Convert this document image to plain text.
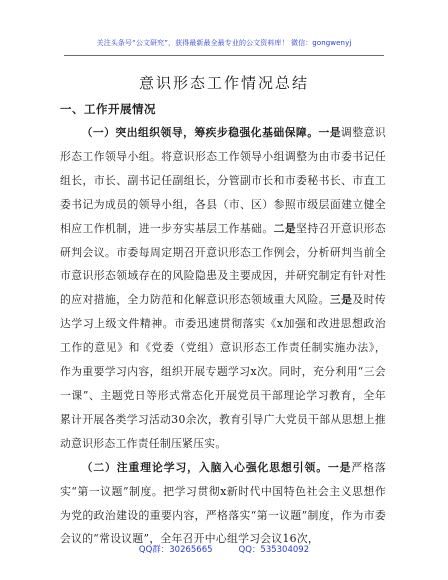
关注头条号“公文研究”，获得最新最全最专业的公文资料库！ 微信：gongwenyj
意识形态工作情况总结
一、工作开展情况

（一）突出组织领导，筹疾步稳强化基础保障。一是调整意识形态工作领导小组。将意识形态工作领导小组调整为由市委书记任组长，市长、副书记任副组长，分管副市长和市委秘书长、市直工委书记为成员的领导小组，各县（市、区）参照市级层面建立健全相应工作机制，进一步夯实基层工作基础。二是坚持召开意识形态研判会议。市委每周定期召开意识形态工作例会，分析研判当前全市意识形态领域存在的风险隐患及主要成因，并研究制定有针对性的应对措施，全力防范和化解意识形态领域重大风险。三是及时传达学习上级文件精神。市委迅速贯彻落实《x加强和改进思想政治工作的意见》和《党委（党组）意识形态工作责任制实施办法》，作为重要学习内容，组织开展专题学习x次。同时，充分利用“三会一课”、主题党日等形式常态化开展党员干部理论学习教育，全年累计开展各类学习活动30余次，教育引导广大党员干部从思想上推动意识形态工作责任制压紧压实。

（二）注重理论学习，入脑入心强化思想引领。一是严格落实“第一议题”制度。把学习贯彻x新时代中国特色社会主义思想作为党的政治建设的重要内容，严格落实“第一议题”制度，作为市委会议的“常设议题”，全年召开中心组学习会议16次，

QQ群：30265665	QQ：535304092
